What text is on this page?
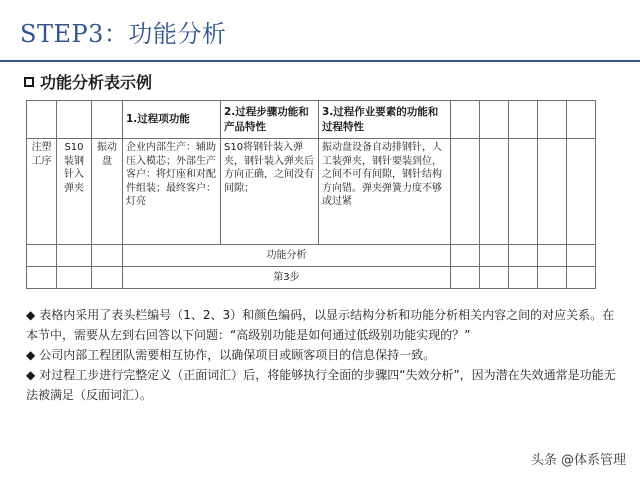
STEP3：功能分析
功能分析表示例
			1.过程项功能	2.过程步骤功能和产品特性	3.过程作业要素的功能和过程特性					
注塑工序	S10装钢针入弹夹	振动盘	企业内部生产：辅助压入模芯；外部生产客户：将灯座和对配件组装；最终客户：灯亮	S10将钢针装入弹夹，钢针装入弹夹后方向正确，之间没有间隙；	振动盘设备自动排钢针，人工装弹夹，钢针要装到位，之间不可有间隙，钢针结构方向错。弹夹弹簧力度不够或过紧					
			功能分析							
			第3步							

◆ 表格内采用了表头栏编号（1、2、3）和颜色编码，以显示结构分析和功能分析相关内容之间的对应关系。在本节中，需要从左到右回答以下问题：“高级别功能是如何通过低级别功能实现的？”

◆ 公司内部工程团队需要相互协作，以确保项目或顾客项目的信息保持一致。

◆ 对过程工步进行完整定义（正面词汇）后，将能够执行全面的步骤四“失效分析”，因为潜在失效通常是功能无法被满足（反面词汇）。

头条 @体系管理
